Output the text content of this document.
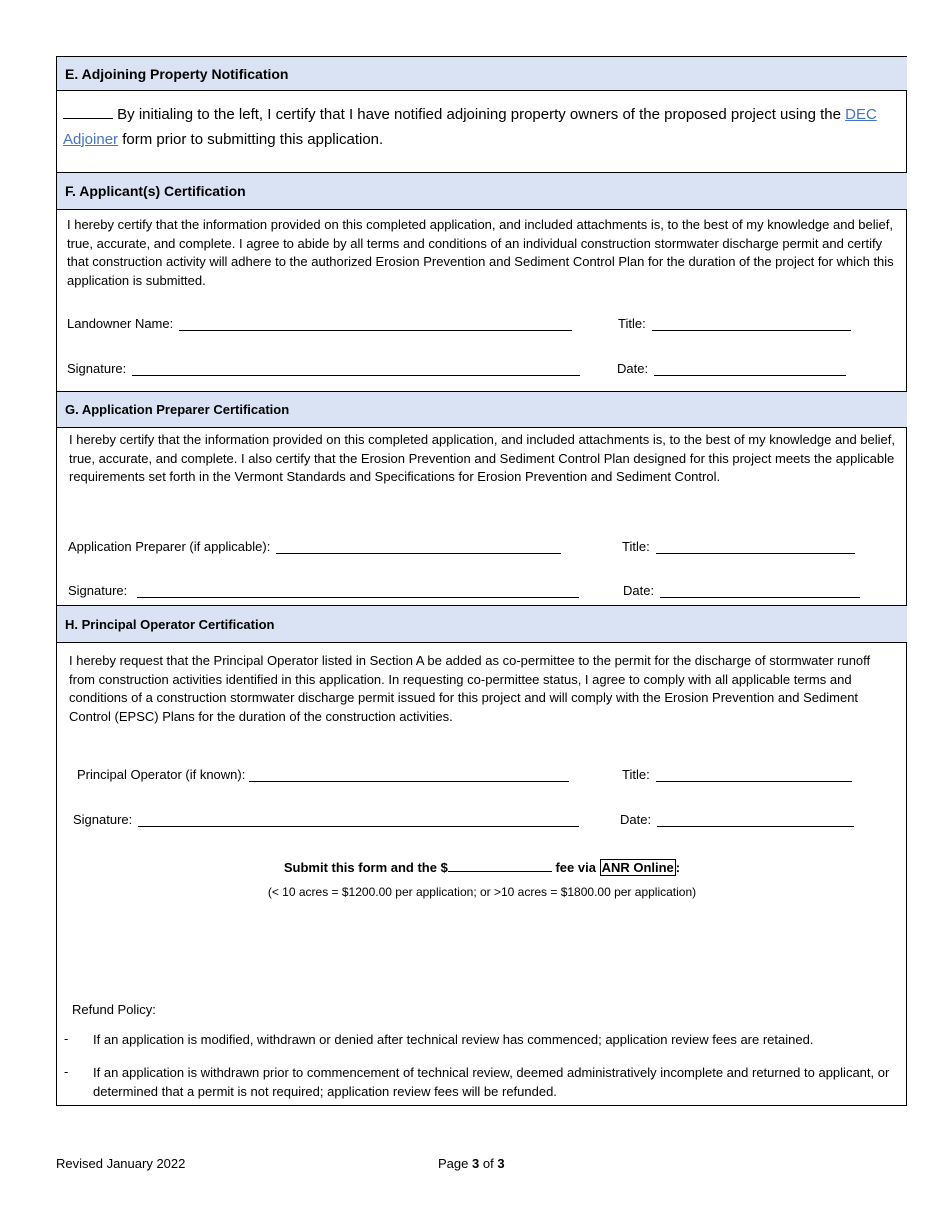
E. Adjoining Property Notification
By initialing to the left, I certify that I have notified adjoining property owners of the proposed project using the DEC Adjoiner form prior to submitting this application.
F. Applicant(s) Certification
I hereby certify that the information provided on this completed application, and included attachments is, to the best of my knowledge and belief, true, accurate, and complete. I agree to abide by all terms and conditions of an individual construction stormwater discharge permit and certify that construction activity will adhere to the authorized Erosion Prevention and Sediment Control Plan for the duration of the project for which this application is submitted.
Landowner Name:	Title:
Signature:	Date:
G. Application Preparer Certification
I hereby certify that the information provided on this completed application, and included attachments is, to the best of my knowledge and belief, true, accurate, and complete. I also certify that the Erosion Prevention and Sediment Control Plan designed for this project meets the applicable requirements set forth in the Vermont Standards and Specifications for Erosion Prevention and Sediment Control.
Application Preparer (if applicable):	Title:
Signature:	Date:
H. Principal Operator Certification
I hereby request that the Principal Operator listed in Section A be added as co-permittee to the permit for the discharge of stormwater runoff from construction activities identified in this application. In requesting co-permittee status, I agree to comply with all applicable terms and conditions of a construction stormwater discharge permit issued for this project and will comply with the Erosion Prevention and Sediment Control (EPSC) Plans for the duration of the construction activities.
Principal Operator (if known):	Title:
Signature:	Date:
Submit this form and the $	fee via ANR Online :
(< 10 acres = $1200.00 per application; or >10 acres = $1800.00 per application)
Refund Policy:
- If an application is modified, withdrawn or denied after technical review has commenced; application review fees are retained.
- If an application is withdrawn prior to commencement of technical review, deemed administratively incomplete and returned to applicant, or determined that a permit is not required; application review fees will be refunded.
Revised January 2022	Page 3 of 3
